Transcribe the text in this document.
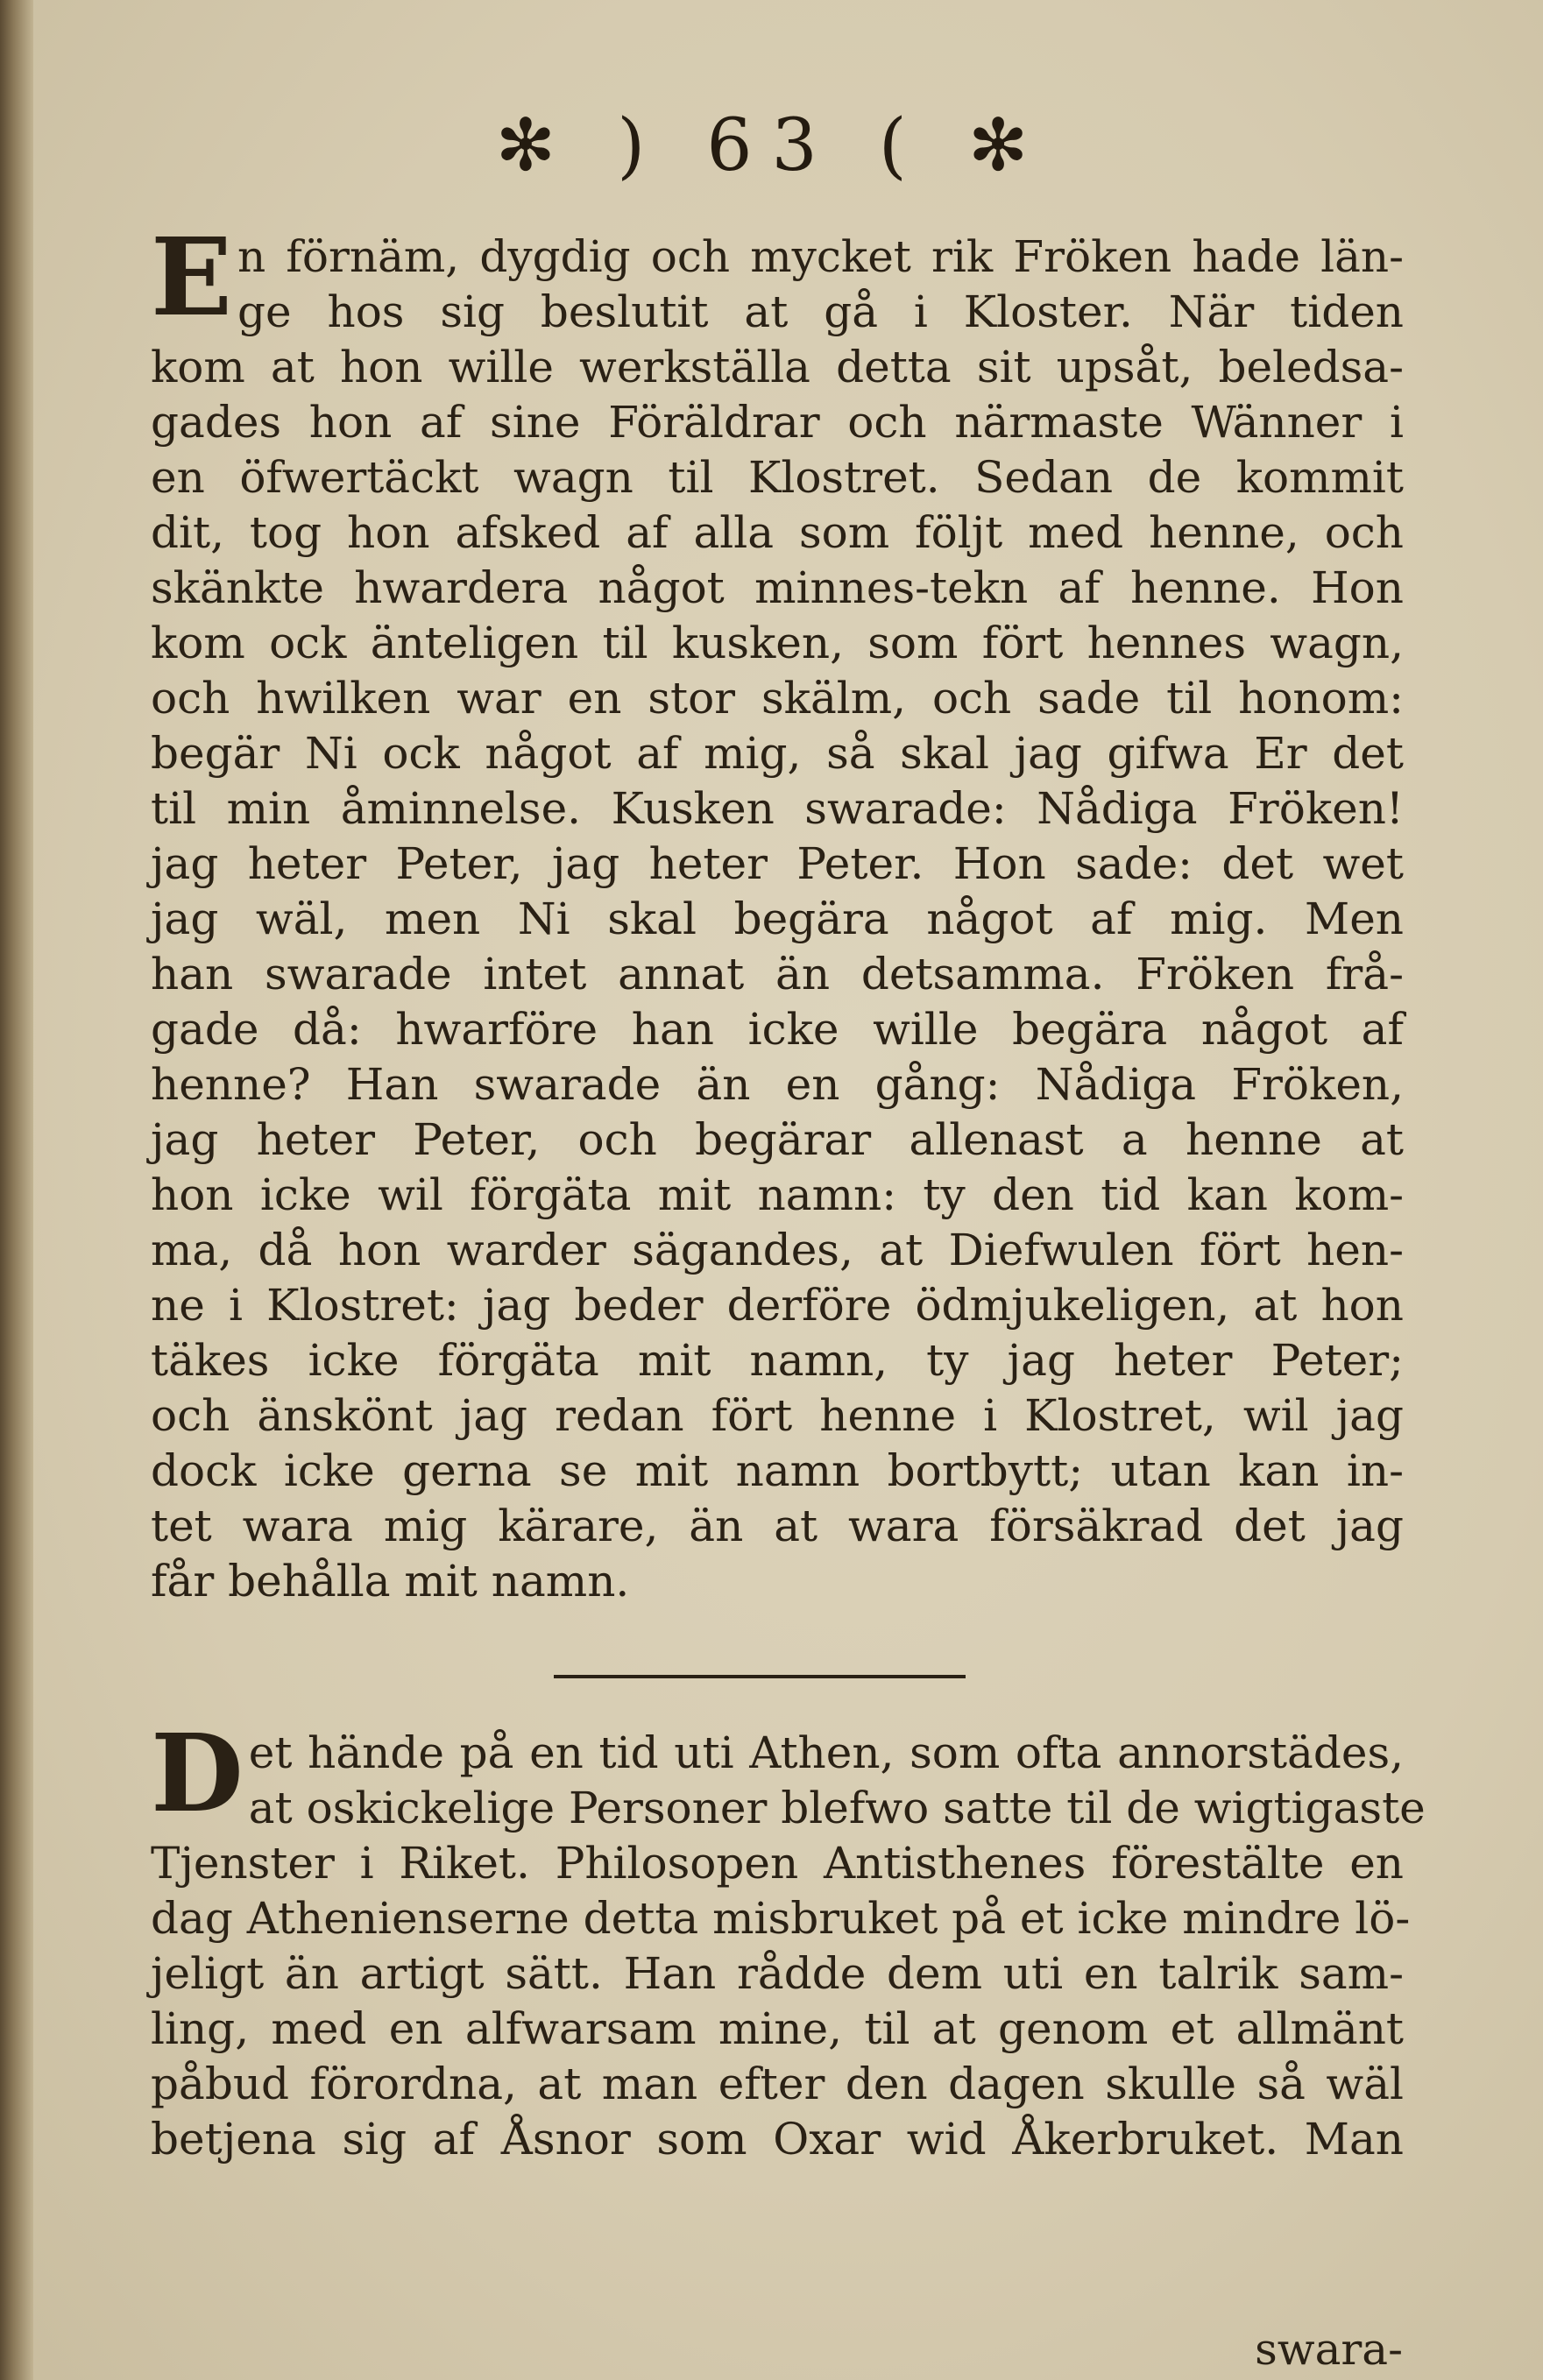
✻ ) 63 ( ✻
E n förnäm, dygdig och mycket rik Fröken hade län-
ge hos sig beslutit at gå i Kloster. När tiden
kom at hon wille werkställa detta sit upsåt, beledsa-
gades hon af sine Föräldrar och närmaste Wänner i
en öfwertäckt wagn til Klostret. Sedan de kommit
dit, tog hon afsked af alla som följt med henne, och
skänkte hwardera något minnes-tekn af henne. Hon
kom ock änteligen til kusken, som fört hennes wagn,
och hwilken war en stor skälm, och sade til honom:
begär Ni ock något af mig, så skal jag gifwa Er det
til min åminnelse. Kusken swarade: Nådiga Fröken!
jag heter Peter, jag heter Peter. Hon sade: det wet
jag wäl, men Ni skal begära något af mig. Men
han swarade intet annat än detsamma. Fröken frå-
gade då: hwarföre han icke wille begära något af
henne? Han swarade än en gång: Nådiga Fröken,
jag heter Peter, och begärar allenast a henne at
hon icke wil förgäta mit namn: ty den tid kan kom-
ma, då hon warder sägandes, at Diefwulen fört hen-
ne i Klostret: jag beder derföre ödmjukeligen, at hon
täkes icke förgäta mit namn, ty jag heter Peter;
och änskönt jag redan fört henne i Klostret, wil jag
dock icke gerna se mit namn bortbytt; utan kan in-
tet wara mig kärare, än at wara försäkrad det jag
får behålla mit namn.
D et hände på en tid uti Athen, som ofta annorstädes,
at oskickelige Personer blefwo satte til de wigtigaste
Tjenster i Riket. Philosopen Antisthenes förestälte en
dag Athenienserne detta misbruket på et icke mindre lö-
jeligt än artigt sätt. Han rådde dem uti en talrik sam-
ling, med en alfwarsam mine, til at genom et allmänt
påbud förordna, at man efter den dagen skulle så wäl
betjena sig af Åsnor som Oxar wid Åkerbruket. Man
swara-
